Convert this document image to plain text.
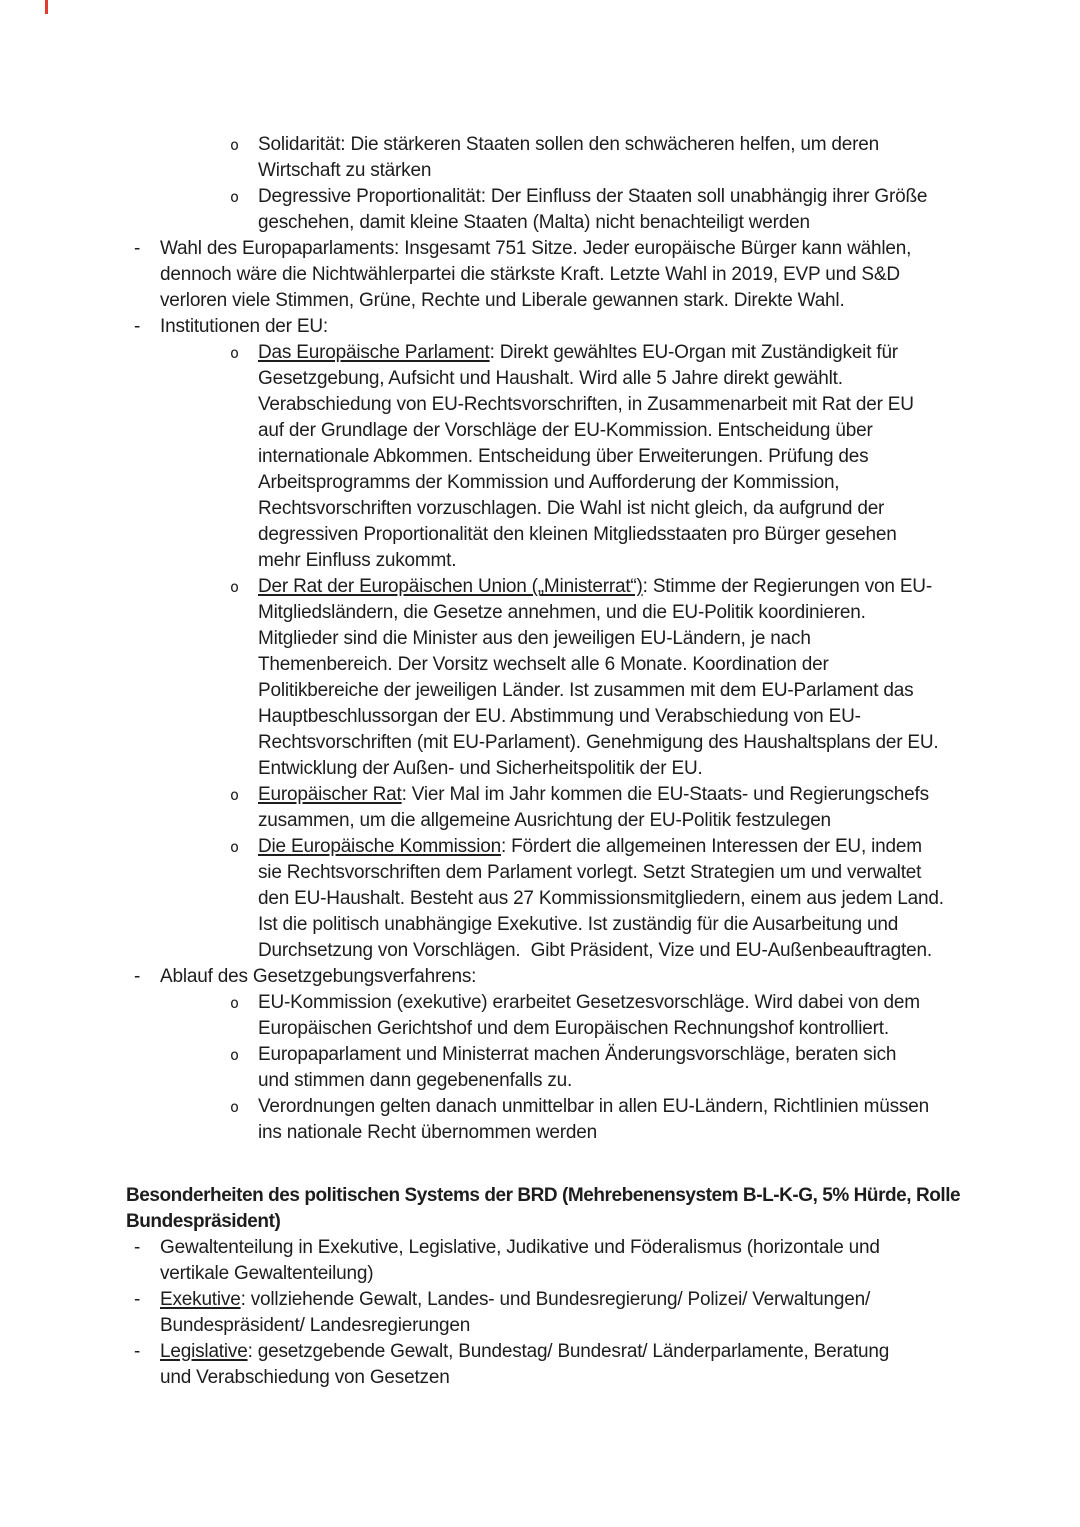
o	Solidarität: Die stärkeren Staaten sollen den schwächeren helfen, um deren
Wirtschaft zu stärken
o	Degressive Proportionalität: Der Einfluss der Staaten soll unabhängig ihrer Größe
geschehen, damit kleine Staaten (Malta) nicht benachteiligt werden
-	Wahl des Europaparlaments: Insgesamt 751 Sitze. Jeder europäische Bürger kann wählen,
dennoch wäre die Nichtwählerpartei die stärkste Kraft. Letzte Wahl in 2019, EVP und S&D
verloren viele Stimmen, Grüne, Rechte und Liberale gewannen stark. Direkte Wahl.
-	Institutionen der EU:
o	Das Europäische Parlament: Direkt gewähltes EU-Organ mit Zuständigkeit für
Gesetzgebung, Aufsicht und Haushalt. Wird alle 5 Jahre direkt gewählt.
Verabschiedung von EU-Rechtsvorschriften, in Zusammenarbeit mit Rat der EU
auf der Grundlage der Vorschläge der EU-Kommission. Entscheidung über
internationale Abkommen. Entscheidung über Erweiterungen. Prüfung des
Arbeitsprogramms der Kommission und Aufforderung der Kommission,
Rechtsvorschriften vorzuschlagen. Die Wahl ist nicht gleich, da aufgrund der
degressiven Proportionalität den kleinen Mitgliedsstaaten pro Bürger gesehen
mehr Einfluss zukommt.
o	Der Rat der Europäischen Union („Ministerrat“): Stimme der Regierungen von EU-
Mitgliedsländern, die Gesetze annehmen, und die EU-Politik koordinieren.
Mitglieder sind die Minister aus den jeweiligen EU-Ländern, je nach
Themenbereich. Der Vorsitz wechselt alle 6 Monate. Koordination der
Politikbereiche der jeweiligen Länder. Ist zusammen mit dem EU-Parlament das
Hauptbeschlussorgan der EU. Abstimmung und Verabschiedung von EU-
Rechtsvorschriften (mit EU-Parlament). Genehmigung des Haushaltsplans der EU.
Entwicklung der Außen- und Sicherheitspolitik der EU.
o	Europäischer Rat: Vier Mal im Jahr kommen die EU-Staats- und Regierungschefs
zusammen, um die allgemeine Ausrichtung der EU-Politik festzulegen
o	Die Europäische Kommission: Fördert die allgemeinen Interessen der EU, indem
sie Rechtsvorschriften dem Parlament vorlegt. Setzt Strategien um und verwaltet
den EU-Haushalt. Besteht aus 27 Kommissionsmitgliedern, einem aus jedem Land.
Ist die politisch unabhängige Exekutive. Ist zuständig für die Ausarbeitung und
Durchsetzung von Vorschlägen.  Gibt Präsident, Vize und EU-Außenbeauftragten.
-	Ablauf des Gesetzgebungsverfahrens:
o	EU-Kommission (exekutive) erarbeitet Gesetzesvorschläge. Wird dabei von dem
Europäischen Gerichtshof und dem Europäischen Rechnungshof kontrolliert.
o	Europaparlament und Ministerrat machen Änderungsvorschläge, beraten sich
und stimmen dann gegebenenfalls zu.
o	Verordnungen gelten danach unmittelbar in allen EU-Ländern, Richtlinien müssen
ins nationale Recht übernommen werden
Besonderheiten des politischen Systems der BRD (Mehrebenensystem B-L-K-G, 5% Hürde, Rolle
Bundespräsident)
-	Gewaltenteilung in Exekutive, Legislative, Judikative und Föderalismus (horizontale und
vertikale Gewaltenteilung)
-	Exekutive: vollziehende Gewalt, Landes- und Bundesregierung/ Polizei/ Verwaltungen/
Bundespräsident/ Landesregierungen
-	Legislative: gesetzgebende Gewalt, Bundestag/ Bundesrat/ Länderparlamente, Beratung
und Verabschiedung von Gesetzen
